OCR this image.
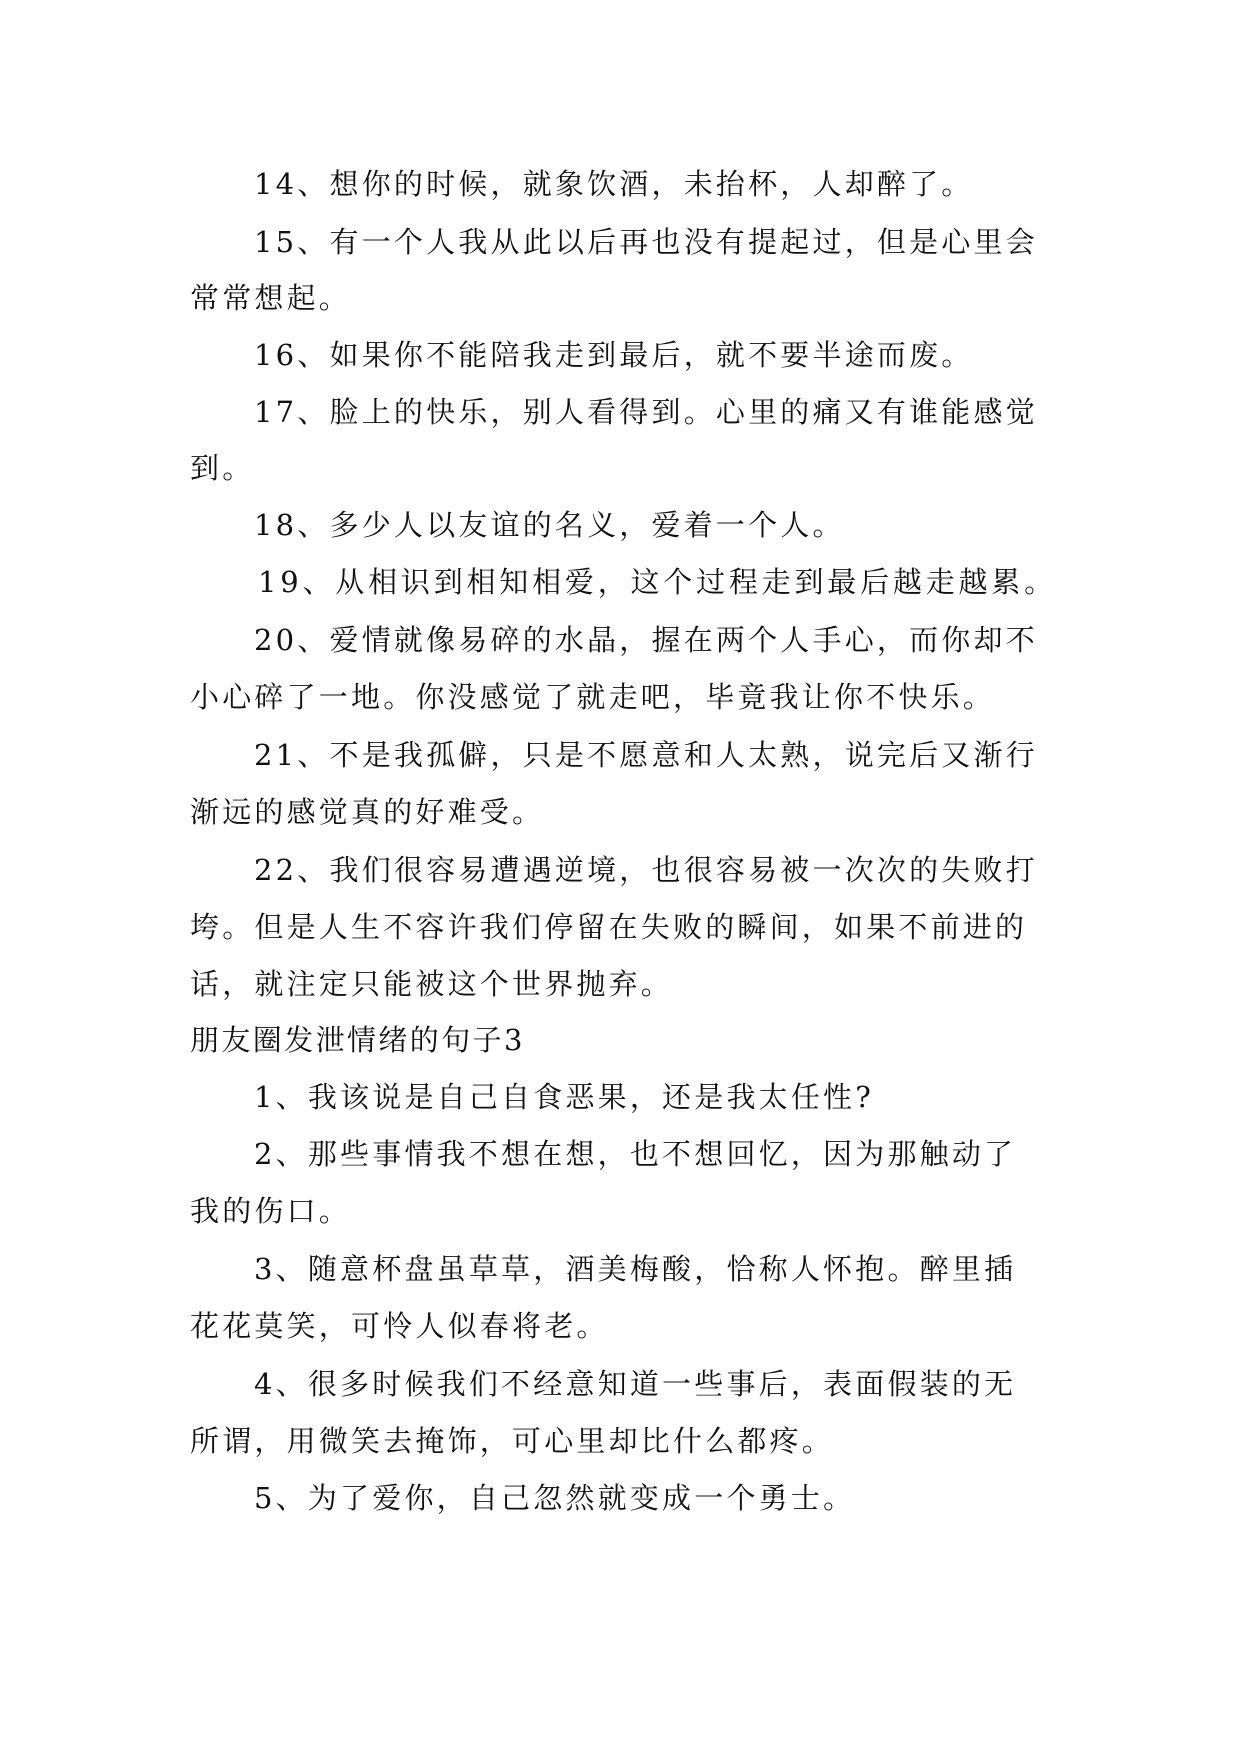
14、想你的时候，就象饮酒，未抬杯，人却醉了。
15、有一个人我从此以后再也没有提起过，但是心里会
常常想起。
16、如果你不能陪我走到最后，就不要半途而废。
17、脸上的快乐，别人看得到。心里的痛又有谁能感觉
到。
18、多少人以友谊的名义，爱着一个人。
19、从相识到相知相爱，这个过程走到最后越走越累。
20、爱情就像易碎的水晶，握在两个人手心，而你却不
小心碎了一地。你没感觉了就走吧，毕竟我让你不快乐。
21、不是我孤僻，只是不愿意和人太熟，说完后又渐行
渐远的感觉真的好难受。
22、我们很容易遭遇逆境，也很容易被一次次的失败打
垮。但是人生不容许我们停留在失败的瞬间，如果不前进的
话，就注定只能被这个世界抛弃。
朋友圈发泄情绪的句子3
1、我该说是自己自食恶果，还是我太任性?
2、那些事情我不想在想，也不想回忆，因为那触动了
我的伤口。
3、随意杯盘虽草草，酒美梅酸，恰称人怀抱。醉里插
花花莫笑，可怜人似春将老。
4、很多时候我们不经意知道一些事后，表面假装的无
所谓，用微笑去掩饰，可心里却比什么都疼。
5、为了爱你，自己忽然就变成一个勇士。
